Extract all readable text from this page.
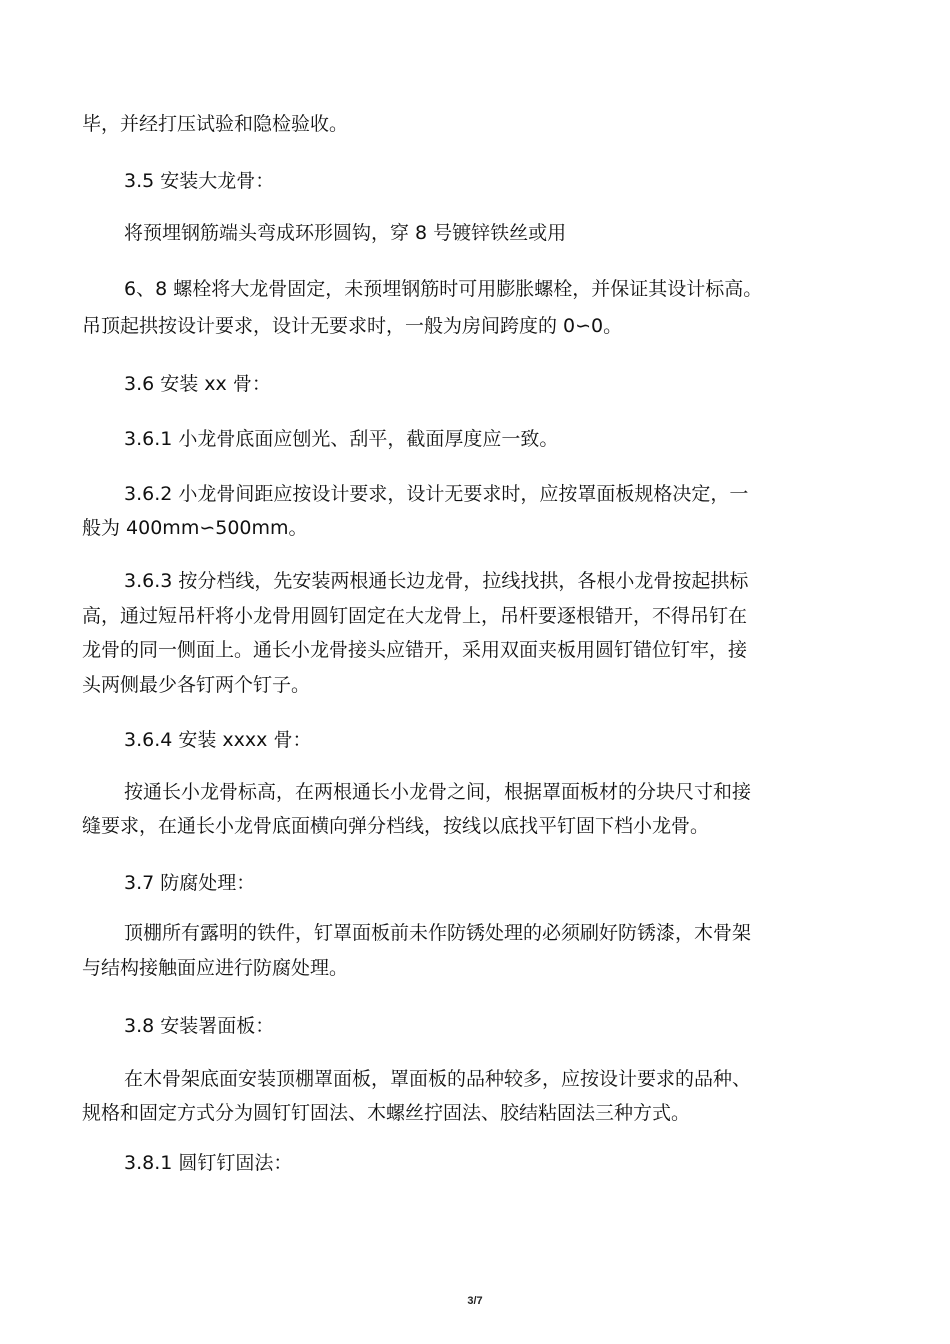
毕，并经打压试验和隐检验收。
3.5 安装大龙骨：
将预埋钢筋端头弯成环形圆钩，穿 8 号镀锌铁丝或用
6、8 螺栓将大龙骨固定，未预埋钢筋时可用膨胀螺栓，并保证其设计标高。
吊顶起拱按设计要求，设计无要求时，一般为房间跨度的 0∽0。
3.6 安装 xx 骨：
3.6.1 小龙骨底面应刨光、刮平，截面厚度应一致。
3.6.2 小龙骨间距应按设计要求，设计无要求时，应按罩面板规格决定，一
般为 400mm∽500mm。
3.6.3 按分档线，先安装两根通长边龙骨，拉线找拱，各根小龙骨按起拱标
高，通过短吊杆将小龙骨用圆钉固定在大龙骨上，吊杆要逐根错开，不得吊钉在
龙骨的同一侧面上。通长小龙骨接头应错开，采用双面夹板用圆钉错位钉牢，接
头两侧最少各钉两个钉子。
3.6.4 安装 xxxx 骨：
按通长小龙骨标高，在两根通长小龙骨之间，根据罩面板材的分块尺寸和接
缝要求，在通长小龙骨底面横向弹分档线，按线以底找平钉固下档小龙骨。
3.7 防腐处理：
顶棚所有露明的铁件，钉罩面板前未作防锈处理的必须刷好防锈漆，木骨架
与结构接触面应进行防腐处理。
3.8 安装署面板：
在木骨架底面安装顶棚罩面板，罩面板的品种较多，应按设计要求的品种、
规格和固定方式分为圆钉钉固法、木螺丝拧固法、胶结粘固法三种方式。
3.8.1 圆钉钉固法：
3/7
